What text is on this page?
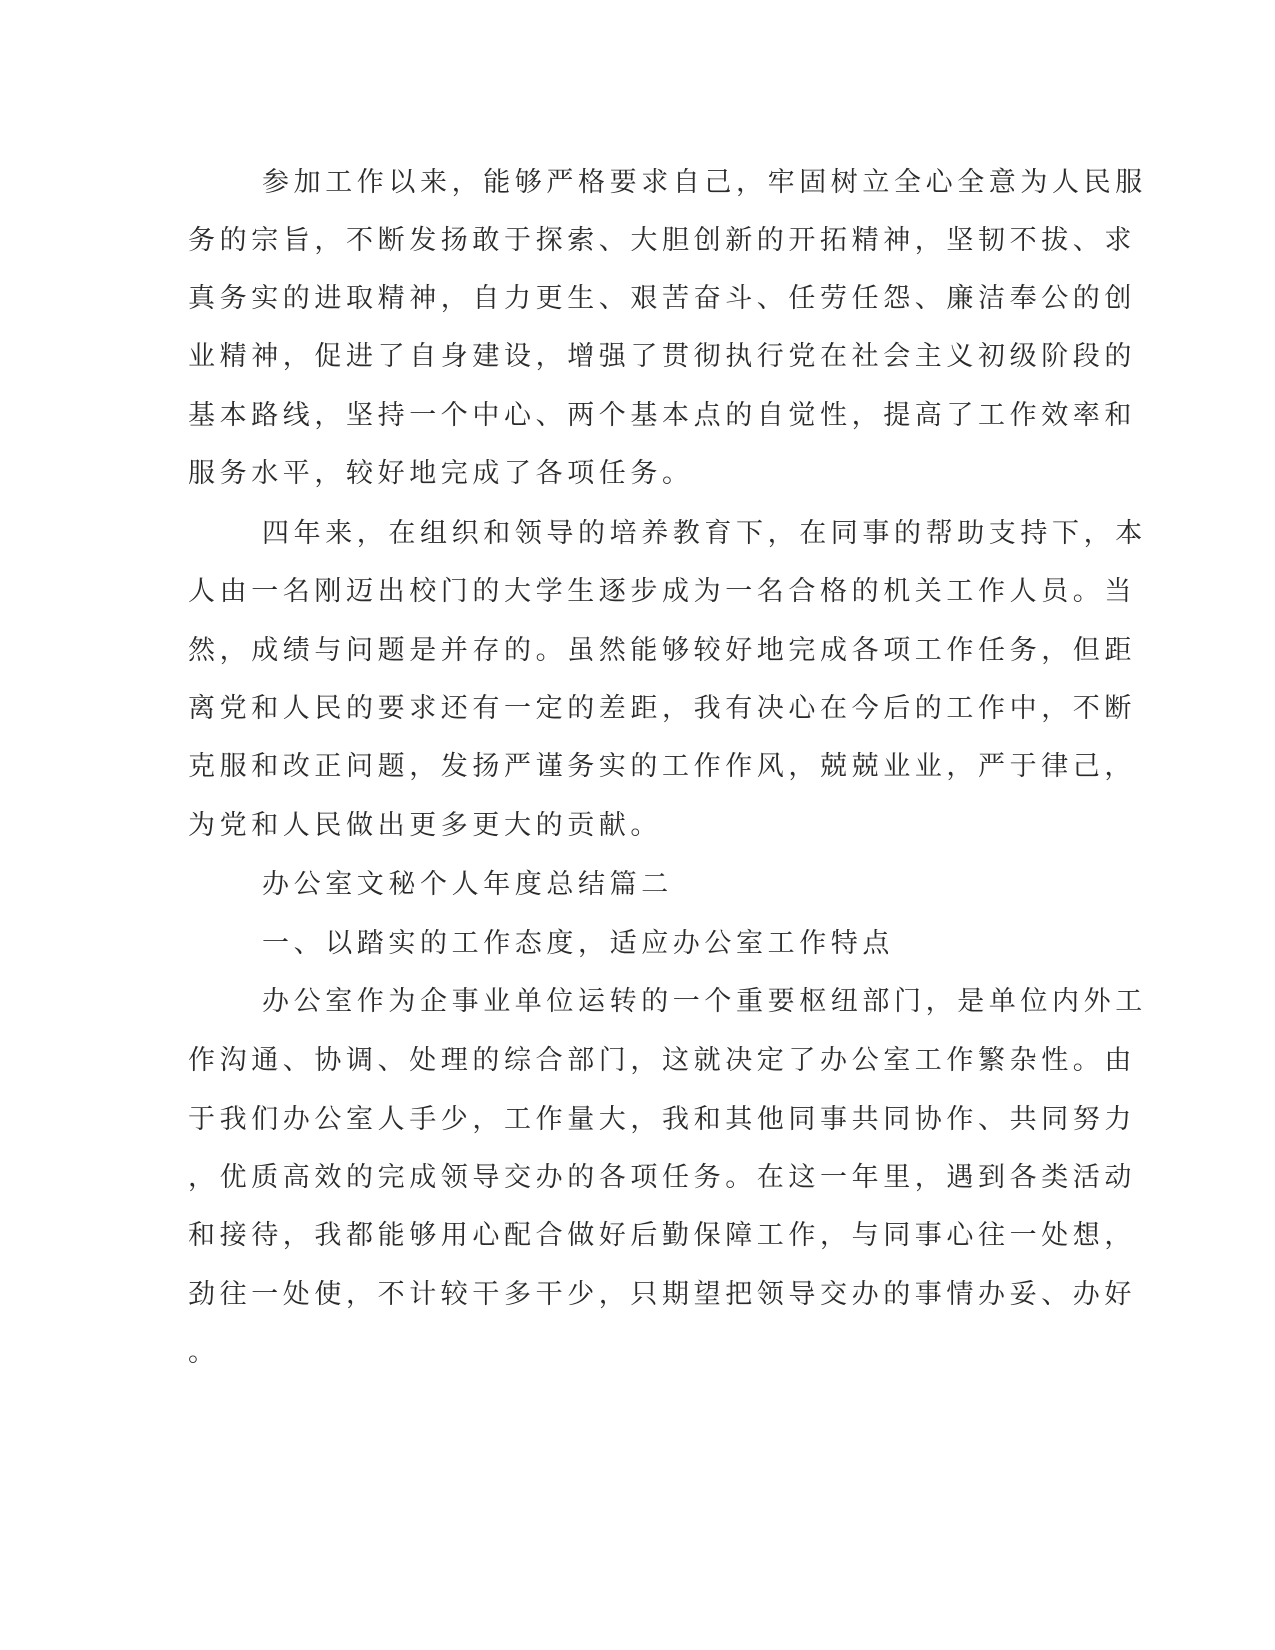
参加工作以来，能够严格要求自己，牢固树立全心全意为人民服
务的宗旨，不断发扬敢于探索、大胆创新的开拓精神，坚韧不拔、求
真务实的进取精神，自力更生、艰苦奋斗、任劳任怨、廉洁奉公的创
业精神，促进了自身建设，增强了贯彻执行党在社会主义初级阶段的
基本路线，坚持一个中心、两个基本点的自觉性，提高了工作效率和
服务水平，较好地完成了各项任务。
四年来，在组织和领导的培养教育下，在同事的帮助支持下，本
人由一名刚迈出校门的大学生逐步成为一名合格的机关工作人员。当
然，成绩与问题是并存的。虽然能够较好地完成各项工作任务，但距
离党和人民的要求还有一定的差距，我有决心在今后的工作中，不断
克服和改正问题，发扬严谨务实的工作作风，兢兢业业，严于律己，
为党和人民做出更多更大的贡献。
办公室文秘个人年度总结篇二
一、以踏实的工作态度，适应办公室工作特点
办公室作为企事业单位运转的一个重要枢纽部门，是单位内外工
作沟通、协调、处理的综合部门，这就决定了办公室工作繁杂性。由
于我们办公室人手少，工作量大，我和其他同事共同协作、共同努力
，优质高效的完成领导交办的各项任务。在这一年里，遇到各类活动
和接待，我都能够用心配合做好后勤保障工作，与同事心往一处想，
劲往一处使，不计较干多干少，只期望把领导交办的事情办妥、办好
。
